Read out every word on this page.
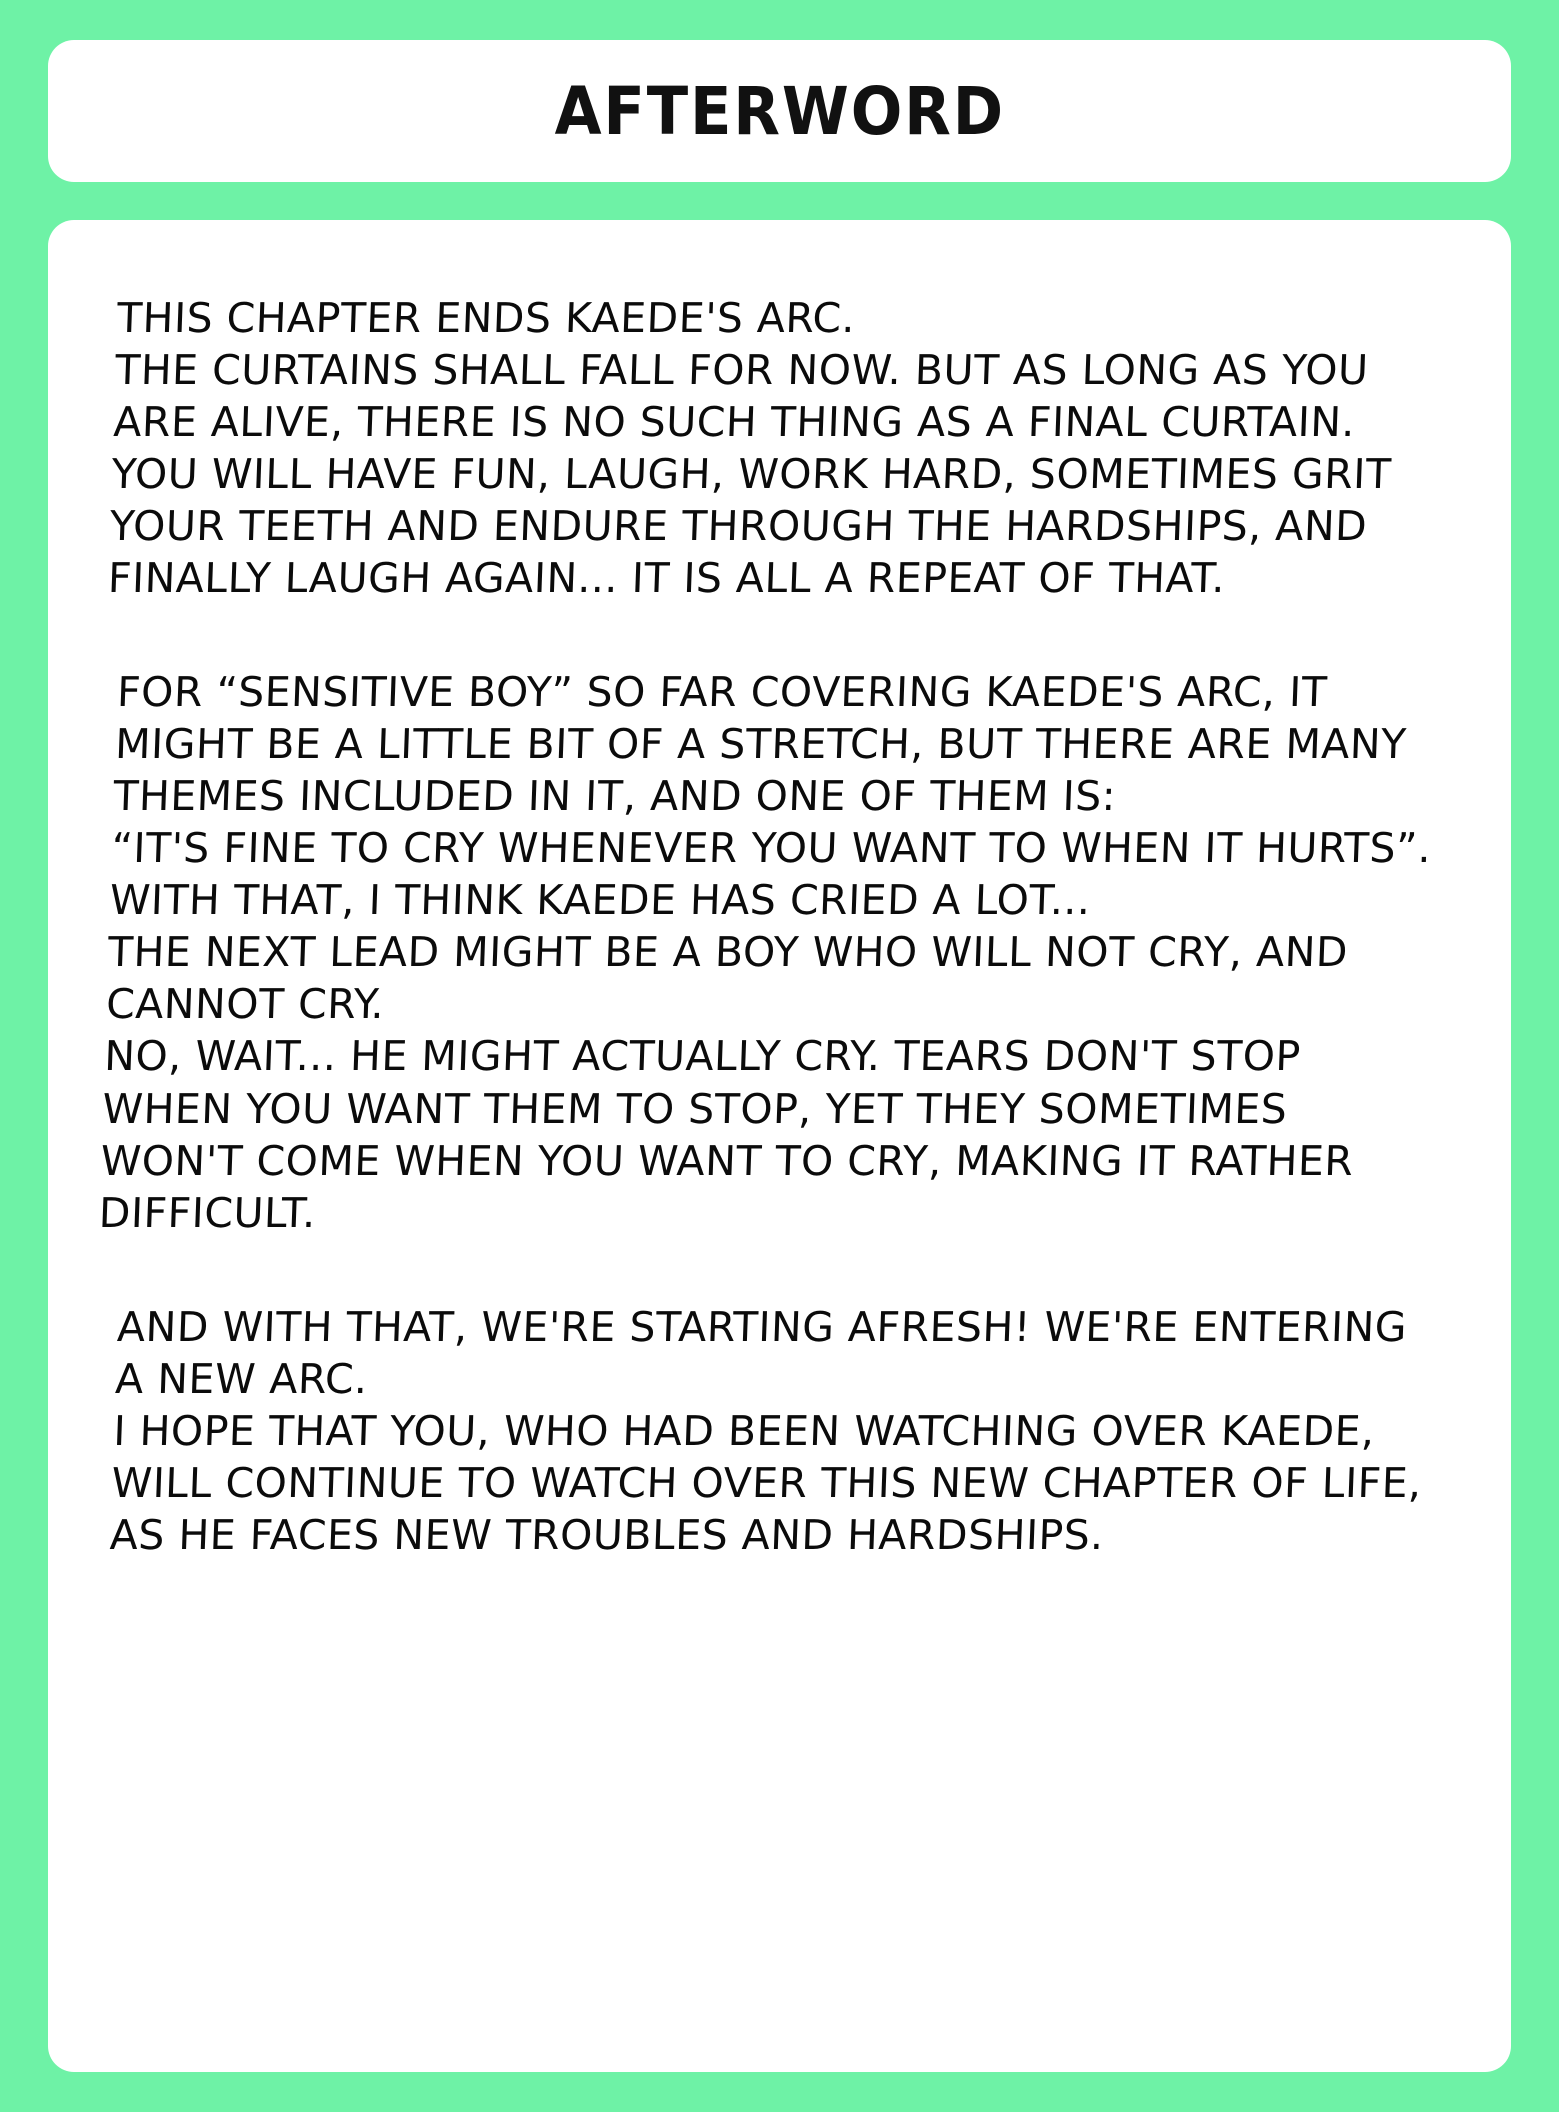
AFTERWORD

THIS CHAPTER ENDS KAEDE'S ARC.
THE CURTAINS SHALL FALL FOR NOW. BUT AS LONG AS YOU ARE ALIVE, THERE IS NO SUCH THING AS A FINAL CURTAIN. YOU WILL HAVE FUN, LAUGH, WORK HARD, SOMETIMES GRIT YOUR TEETH AND ENDURE THROUGH THE HARDSHIPS, AND FINALLY LAUGH AGAIN... IT IS ALL A REPEAT OF THAT.

FOR “SENSITIVE BOY” SO FAR COVERING KAEDE'S ARC, IT MIGHT BE A LITTLE BIT OF A STRETCH, BUT THERE ARE MANY THEMES INCLUDED IN IT, AND ONE OF THEM IS:
“IT'S FINE TO CRY WHENEVER YOU WANT TO WHEN IT HURTS”.
WITH THAT, I THINK KAEDE HAS CRIED A LOT...
THE NEXT LEAD MIGHT BE A BOY WHO WILL NOT CRY, AND CANNOT CRY.
NO, WAIT... HE MIGHT ACTUALLY CRY. TEARS DON'T STOP WHEN YOU WANT THEM TO STOP, YET THEY SOMETIMES WON'T COME WHEN YOU WANT TO CRY, MAKING IT RATHER DIFFICULT.

AND WITH THAT, WE'RE STARTING AFRESH! WE'RE ENTERING A NEW ARC.
I HOPE THAT YOU, WHO HAD BEEN WATCHING OVER KAEDE, WILL CONTINUE TO WATCH OVER THIS NEW CHAPTER OF LIFE, AS HE FACES NEW TROUBLES AND HARDSHIPS.
